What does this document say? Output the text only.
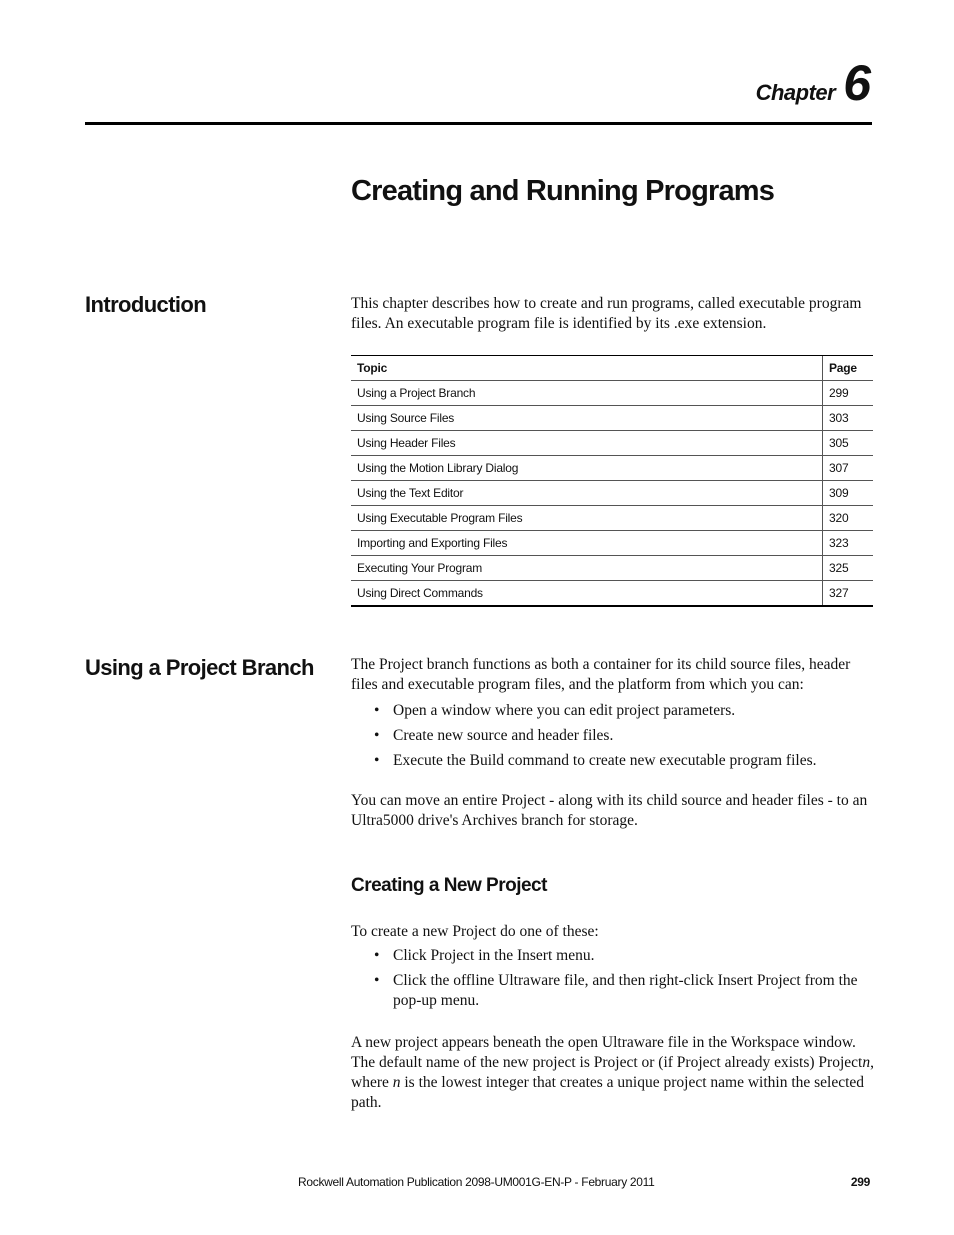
Chapter 6
Creating and Running Programs
Introduction	This chapter describes how to create and run programs, called executable program files. An executable program file is identified by its .exe extension.

Topic	Page
Using a Project Branch	299
Using Source Files	303
Using Header Files	305
Using the Motion Library Dialog	307
Using the Text Editor	309
Using Executable Program Files	320
Importing and Exporting Files	323
Executing Your Program	325
Using Direct Commands	327
Using a Project Branch The Project branch functions as both a container for its child source files, header files and executable program files, and the platform from which you can:

• Open a window where you can edit project parameters.
• Create new source and header files.
• Execute the Build command to create new executable program files.

You can move an entire Project - along with its child source and header files - to an Ultra5000 drive's Archives branch for storage.

Creating a New Project

To create a new Project do one of these:

• Click Project in the Insert menu.
• Click the offline Ultraware file, and then right-click Insert Project from the pop-up menu.

A new project appears beneath the open Ultraware file in the Workspace window. The default name of the new project is Project or (if Project already exists) Projectn, where n is the lowest integer that creates a unique project name within the selected path.

Rockwell Automation Publication 2098-UM001G-EN-P - February 2011	299
